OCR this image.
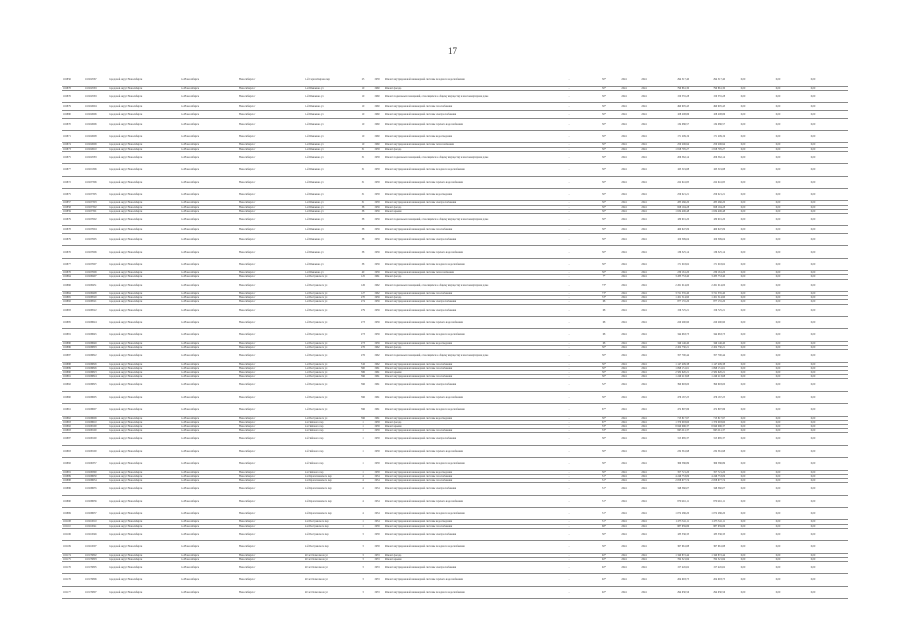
17
102856	110202567	городской округ Новосибирск	г.о.Новосибирск	Новосибирск г	1-й Сергея Кирова пер	25	1958	Ремонт внутридомовой инженерной системы холодного водоснабжения	-	30*	2024	2024	294 317,40	294 317,40	0,00	0,00	0,00	
102878	110202563	городской округ Новосибирск	г.о.Новосибирск	Новосибирск г	1-й Шевченко ул	10	1960	Ремонт фасада	-	30*	2024	2024	790 861,30	790 861,30	0,00	0,00	0,00	
102876	110202563	городской округ Новосибирск	г.о.Новосибирск	Новосибирск г	1-й Шевченко ул	10	1960	Ремонт подвальных помещений, относящихся к общему имуществу в многоквартирном доме	-	30*	2024	2024	150 555,28	150 555,28	0,00	0,00	0,00	
102879	110202604	городской округ Новосибирск	г.о.Новосибирск	Новосибирск г	1-й Шевченко ул	10	1960	Ремонт внутридомовой инженерной системы газоснабжения	-	30*	2024	2024	490 905,43	490 905,43	0,00	0,00	0,00	
102880	110202606	городской округ Новосибирск	г.о.Новосибирск	Новосибирск г	1-й Шевченко ул	10	1960	Ремонт внутридомовой инженерной системы электроснабжения	-	30*	2024	2024	108 208,86	108 208,86	0,00	0,00	0,00	
102870	110202606	городской округ Новосибирск	г.о.Новосибирск	Новосибирск г	1-й Шевченко ул	10	1960	Ремонт внутридомовой инженерной системы горячего водоснабжения	-	30*	2024	2024	134 086,57	134 086,57	0,00	0,00	0,00	
102871	110202608	городской округ Новосибирск	г.о.Новосибирск	Новосибирск г	1-й Шевченко ул	10	1960	Ремонт внутридомовой инженерной системы водоотведения	-	30*	2024	2024	171 209,19	171 209,19	0,00	0,00	0,00	
102874	110202609	городской округ Новосибирск	г.о.Новосибирск	Новосибирск г	1-й Шевченко ул	10	1960	Ремонт внутридомовой инженерной системы теплоснабжения	-	30*	2024	2024	250 206,94	250 206,94	0,00	0,00	0,00	
102873	110202610	городской округ Новосибирск	г.о.Новосибирск	Новосибирск г	1-й Шевченко ул	31	1958	Ремонт фасада	-	30*	2024	2024	1 818 795,27	1 818 795,27	0,00	0,00	0,00	
102875	110202583	городской округ Новосибирск	г.о.Новосибирск	Новосибирск г	1-й Шевченко ул	31	1958	Ремонт подвальных помещений, относящихся к общему имуществу в многоквартирном доме	-	30*	2024	2024	206 362,14	206 362,14	0,00	0,00	0,00	
102877	110201306	городской округ Новосибирск	г.о.Новосибирск	Новосибирск г	1-й Шевченко ул	31	1958	Ремонт внутридомовой инженерной системы холодного водоснабжения	-	30*	2024	2024	163 519,88	163 519,88	0,00	0,00	0,00	
102872	110207306	городской округ Новосибирск	г.о.Новосибирск	Новосибирск г	1-й Шевченко ул	31	1958	Ремонт внутридомовой инженерной системы горячего водоснабжения	-	30*	2024	2024	222 941,85	222 941,85	0,00	0,00	0,00	
102875	110207305	городской округ Новосибирск	г.о.Новосибирск	Новосибирск г	1-й Шевченко ул	31	1958	Ремонт внутридомовой инженерной системы водоотведения	-	30*	2024	2024	259 021,21	259 021,21	0,00	0,00	0,00	
102857	110207303	городской округ Новосибирск	г.о.Новосибирск	Новосибирск г	1-й Шевченко ул	31	1958	Ремонт внутридомовой инженерной системы электроснабжения	-	30*	2024	2024	285 266,20	285 266,20	0,00	0,00	0,00	
102858	110207302	городской округ Новосибирск	г.о.Новосибирск	Новосибирск г	1-й Шевченко ул	38	1959	Ремонт фасада	-	30*	2024	2024	828 194,28	828 194,28	0,00	0,00	0,00	
102859	110207301	городской округ Новосибирск	г.о.Новосибирск	Новосибирск г	1-й Шевченко ул	38	1959	Ремонт крыши	-	30*	2024	2024	1 634 406,48	1 634 406,48	0,00	0,00	0,00	
102879	110207602	городской округ Новосибирск	г.о.Новосибирск	Новосибирск г	1-й Шевченко ул	38	1959	Ремонт подвальных помещений, относящихся к общему имуществу в многоквартирном доме	-	30*	2024	2024	180 901,20	180 901,20	0,00	0,00	0,00	
102878	110207604	городской округ Новосибирск	г.о.Новосибирск	Новосибирск г	1-й Шевченко ул	38	1959	Ремонт внутридомовой инженерной системы газоснабжения	-	30*	2024	2024	460 647,09	460 647,09	0,00	0,00	0,00	
102879	110207605	городской округ Новосибирск	г.о.Новосибирск	Новосибирск г	1-й Шевченко ул	38	1959	Ремонт внутридомовой инженерной системы электроснабжения	-	30*	2024	2024	100 399,04	100 399,04	0,00	0,00	0,00	
102876	110207606	городской округ Новосибирск	г.о.Новосибирск	Новосибирск г	1-й Шевченко ул	38	1959	Ремонт внутридомовой инженерной системы горячего водоснабжения	-	30*	2024	2024	136 325,14	136 325,14	0,00	0,00	0,00	
102877	110207607	городской округ Новосибирск	г.о.Новосибирск	Новосибирск г	1-й Шевченко ул	38	1959	Ремонт внутридомовой инженерной системы холодного водоснабжения	-	30*	2024	2024	171 018,62	171 018,62	0,00	0,00	0,00	
102876	110207609	городской округ Новосибирск	г.о.Новосибирск	Новосибирск г	1-й Шевченко ул	40	1959	Ремонт внутридомовой инженерной системы теплоснабжения	-	30*	2024	2024	230 161,20	230 161,20	0,00	0,00	0,00	
102864	110208407	городской округ Новосибирск	г.о.Новосибирск	Новосибирск г	1-й Пестравского ул	125	1961	Ремонт фасада	-	7*	2024	2024	3 283 753,40	3 283 753,40	0,00	0,00	0,00	
102866	110208451	городской округ Новосибирск	г.о.Новосибирск	Новосибирск г	1-й Пестравского ул	126	1962	Ремонт подвальных помещений, относящихся к общему имуществу в многоквартирном доме	-	73*	2024	2024	2 261 014,00	2 261 014,00	0,00	0,00	0,00	
102864	110208408	городской округ Новосибирск	г.о.Новосибирск	Новосибирск г	1-й Пестравского ул	127	1962	Ремонт внутридомовой инженерной системы газоснабжения	-	73*	2024	2024	3 721 335,40	3 721 335,40	0,00	0,00	0,00	
102865	110208520	городской округ Новосибирск	г.о.Новосибирск	Новосибирск г	1-й Пестравского ул	270	1959	Ремонт фасада	-	53*	2024	2024	1 451 514,90	1 451 514,90	0,00	0,00	0,00	
102882	110208521	городской округ Новосибирск	г.о.Новосибирск	Новосибирск г	1-й Пестравского ул	274	1959	Ремонт внутридомовой инженерной системы электроснабжения	-	68	2024	2024	877 155,20	877 155,20	0,00	0,00	0,00	
102883	110208522	городской округ Новосибирск	г.о.Новосибирск	Новосибирск г	1-й Пестравского ул	279	1959	Ремонт внутридомовой инженерной системы электроснабжения	-	68	2024	2024	156 725,21	156 725,21	0,00	0,00	0,00	
102885	110208624	городской округ Новосибирск	г.о.Новосибирск	Новосибирск г	1-й Пестравского ул	273	1959	Ремонт внутридомовой инженерной системы горячего водоснабжения	-	68	2024	2024	220 290,90	220 290,90	0,00	0,00	0,00	
102881	110208645	городской округ Новосибирск	г.о.Новосибирск	Новосибирск г	1-й Пестравского ул	273	1959	Ремонт внутридомовой инженерной системы холодного водоснабжения	-	68	2024	2024	344 963,73	344 963,73	0,00	0,00	0,00	
102880	110208649	городской округ Новосибирск	г.о.Новосибирск	Новосибирск г	1-й Пестравского ул	273	1959	Ремонт внутридомовой инженерной системы водоотведения	-	68	2024	2024	349 146,40	349 146,40	0,00	0,00	0,00	
102886	110208803	городской округ Новосибирск	г.о.Новосибирск	Новосибирск г	1-й Пестравского ул	276	1962	Ремонт фасада	-	30*	2024	2024	2 452 730,21	2 452 730,21	0,00	0,00	0,00	
102887	110208822	городской округ Новосибирск	г.о.Новосибирск	Новосибирск г	1-й Пестравского ул	276	1962	Ремонт подвальных помещений, относящихся к общему имуществу в многоквартирном доме	-	30*	2024	2024	357 700,44	357 700,44	0,00	0,00	0,00	
102888	110208826	городской округ Новосибирск	г.о.Новосибирск	Новосибирск г	1-й Пестравского ул	316	1962	Ремонт внутридомовой инженерной системы газоснабжения	-	30*	2024	2024	1 147 409,38	1 147 409,38	0,00	0,00	0,00	
102889	110208826	городской округ Новосибирск	г.о.Новосибирск	Новосибирск г	1-й Пестравского ул	360	1961	Ремонт внутридомовой инженерной системы газоснабжения	-	30*	2024	2024	1 098 151,61	1 098 151,61	0,00	0,00	0,00	
102890	110208823	городской округ Новосибирск	г.о.Новосибирск	Новосибирск г	1-й Пестравского ул	386	1961	Ремонт крыши	-	30*	2024	2024	2 582 620,21	2 582 620,21	0,00	0,00	0,00	
102891	110208824	городской округ Новосибирск	г.о.Новосибирск	Новосибирск г	1-й Пестравского ул	396	1961	Ремонт внутридомовой инженерной системы газоснабжения	-	30*	2024	2024	1 249 213,68	1 249 213,68	0,00	0,00	0,00	
102892	110208825	городской округ Новосибирск	г.о.Новосибирск	Новосибирск г	1-й Пестравского ул	396	1961	Ремонт внутридомовой инженерной системы электроснабжения	-	32*	2024	2024	390 693,00	390 693,00	0,00	0,00	0,00	
102860	110208605	городской округ Новосибирск	г.о.Новосибирск	Новосибирск г	1-й Пестравского ул	396	1961	Ремонт внутридомовой инженерной системы горячего водоснабжения	-	30*	2024	2024	476 167,25	476 167,25	0,00	0,00	0,00	
102861	110208607	городской округ Новосибирск	г.о.Новосибирск	Новосибирск г	1-й Пестравского ул	396	1961	Ремонт внутридомовой инженерной системы холодного водоснабжения	-	67*	2024	2024	472 897,86	472 897,86	0,00	0,00	0,00	
102862	110208609	городской округ Новосибирск	г.о.Новосибирск	Новосибирск г	1-й Пестравского ул	396	1961	Ремонт внутридомовой инженерной системы водоотведения	-	30*	2024	2024	713 817,97	713 817,97	0,00	0,00	0,00	
102863	110208610	городской округ Новосибирск	г.о.Новосибирск	Новосибирск г	2-й Зейского пер	1	1958	Ремонт фасада	-	67*	2024	2024	1 370 093,60	1 370 093,60	0,00	0,00	0,00	
102892	110208100	городской округ Новосибирск	г.о.Новосибирск	Новосибирск г	2-й Зейского пер	1	1958	Ремонт крыши	-	33*	2024	2024	8 840 096,37	8 840 096,37	0,00	0,00	0,00	
102893	110208100	городской округ Новосибирск	г.о.Новосибирск	Новосибирск г	2-й Зейского пер	1	1958	Ремонт внутридомовой инженерной системы газоснабжения	-	33*	2024	2024	993 011,37	993 011,37	0,00	0,00	0,00	
102887	110208100	городской округ Новосибирск	г.о.Новосибирск	Новосибирск г	2-й Зейского пер	1	1958	Ремонт внутридомовой инженерной системы электроснабжения	-	30*	2024	2024	315 685,37	315 685,37	0,00	0,00	0,00	
102863	110208100	городской округ Новосибирск	г.о.Новосибирск	Новосибирск г	2-й Зейского пер	1	1958	Ремонт внутридомовой инженерной системы горячего водоснабжения	-	30*	2024	2024	232 361,98	232 361,98	0,00	0,00	0,00	
102882	110206357	городской округ Новосибирск	г.о.Новосибирск	Новосибирск г	2-й Зейского пер	1	1958	Ремонт внутридомовой инженерной системы холодного водоснабжения	-	30*	2024	2024	369 586,89	369 586,89	0,00	0,00	0,00	
102881	110208390	городской округ Новосибирск	г.о.Новосибирск	Новосибирск г	2-й Зейского пер	1	1958	Ремонт внутридомовой инженерной системы водоотведения	-	30*	2024	2024	357 721,20	357 721,20	0,00	0,00	0,00	
102889	110208630	городской округ Новосибирск	г.о.Новосибирск	Новосибирск г	2-й Кропоткинского пер	4	1954	Ремонт внутридомовой инженерной системы газоснабжения	-	31*	2024	2024	4 246 753,09	4 246 753,09	0,00	0,00	0,00	
102888	110208634	городской округ Новосибирск	г.о.Новосибирск	Новосибирск г	2-й Кропоткинского пер	4	1954	Ремонт внутридомовой инженерной системы газоснабжения	-	31*	2024	2024	2 058 677,74	2 058 677,74	0,00	0,00	0,00	
102886	110208635	городской округ Новосибирск	г.о.Новосибирск	Новосибирск г	2-й Кропоткинского пер	4	1954	Ремонт внутридомовой инженерной системы электроснабжения	-	31*	2024	2024	348 360,07	348 360,07	0,00	0,00	0,00	
102890	110208636	городской округ Новосибирск	г.о.Новосибирск	Новосибирск г	2-й Кропоткинского пер	4	1954	Ремонт внутридомовой инженерной системы горячего водоснабжения	-	31*	2024	2024	879 461,11	879 461,11	0,00	0,00	0,00	
102869	110208637	городской округ Новосибирск	г.о.Новосибирск	Новосибирск г	2-й Кропоткинского пер	4	1954	Ремонт внутридомовой инженерной системы холодного водоснабжения	-	31*	2024	2024	1 072 286,20	1 072 286,20	0,00	0,00	0,00	
102108	110210010	городской округ Новосибирск	г.о.Новосибирск	Новосибирск г	2-й Пестравского пер	1	1954	Ремонт внутридомовой инженерной системы водоотведения	-	31*	2024	2024	1 473 341,11	1 473 341,11	0,00	0,00	0,00	
102110	110210041	городской округ Новосибирск	г.о.Новосибирск	Новосибирск г	2-й Пестравского пер	1	1958	Ремонт внутридомовой инженерной системы газоснабжения	-	68*	2024	2024	887 659,86	887 659,86	0,00	0,00	0,00	
102106	110210046	городской округ Новосибирск	г.о.Новосибирск	Новосибирск г	2-й Пестравского пер	3	1958	Ремонт внутридомовой инженерной системы электроснабжения	-	30*	2024	2024	183 336,33	183 336,33	0,00	0,00	0,00	
102109	110210007	городской округ Новосибирск	г.о.Новосибирск	Новосибирск г	2-й Пестравского пер	3	1958	Ремонт внутридомовой инженерной системы холодного водоснабжения	-	30*	2024	2024	367 661,88	367 661,88	0,00	0,00	0,00	
102174	110176802	городской округ Новосибирск	г.о.Новосибирск	Новосибирск г	40 лет Комсомола ул	3	1953	Ремонт фасада	-	92*	2024	2024	1 340 872,44	1 340 872,44	0,00	0,00	0,00	
102175	110176803	городской округ Новосибирск	г.о.Новосибирск	Новосибирск г	40 лет Комсомола ул	3	1953	Ремонт крыши	-	92*	2024	2024	762 321,84	762 321,84	0,00	0,00	0,00	
102176	110176805	городской округ Новосибирск	г.о.Новосибирск	Новосибирск г	40 лет Комсомола ул	3	1953	Ремонт внутридомовой инженерной системы электроснабжения	-	92*	2024	2024	157 445,62	157 445,62	0,00	0,00	0,00	
102176	110176806	городской округ Новосибирск	г.о.Новосибирск	Новосибирск г	40 лет Комсомола ул	3	1953	Ремонт внутридомовой инженерной системы горячего водоснабжения	-	92*	2024	2024	204 993,75	204 993,75	0,00	0,00	0,00	
102177	110176807	городской округ Новосибирск	г.о.Новосибирск	Новосибирск г	40 лет Комсомола ул	3	1953	Ремонт внутридомовой инженерной системы холодного водоснабжения	-	92*	2024	2024	294 930,56	294 930,56	0,00	0,00	0,00	
